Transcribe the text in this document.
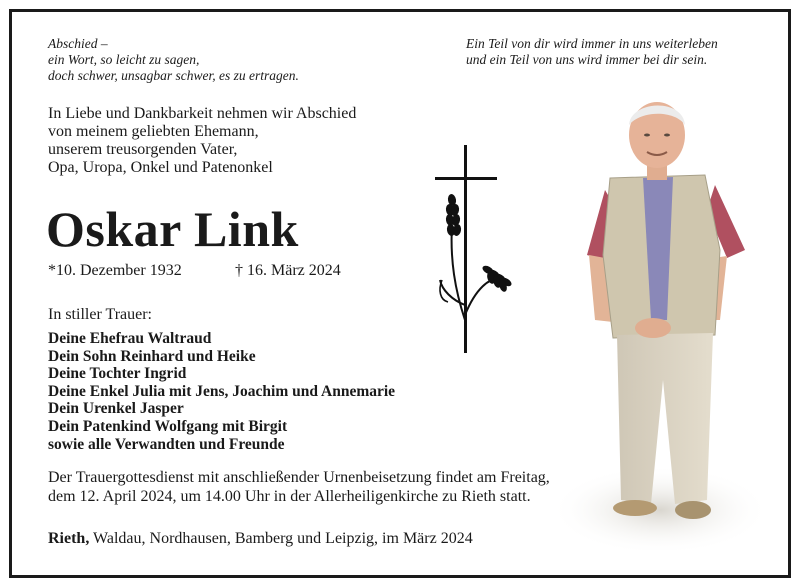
Abschied –
ein Wort, so leicht zu sagen,
doch schwer, unsagbar schwer, es zu ertragen.
Ein Teil von dir wird immer in uns weiterleben
und ein Teil von uns wird immer bei dir sein.
In Liebe und Dankbarkeit nehmen wir Abschied
von meinem geliebten Ehemann,
unserem treusorgenden Vater,
Opa, Uropa, Onkel und Patenonkel
Oskar Link
*10. Dezember 1932	† 16. März 2024
In stiller Trauer:
Deine Ehefrau Waltraud
Dein Sohn Reinhard und Heike
Deine Tochter Ingrid
Deine Enkel Julia mit Jens, Joachim und Annemarie
Dein Urenkel Jasper
Dein Patenkind Wolfgang mit Birgit
sowie alle Verwandten und Freunde
Der Trauergottesdienst mit anschließender Urnenbeisetzung findet am Freitag,
dem 12. April 2024, um 14.00 Uhr in der Allerheiligenkirche zu Rieth statt.
Rieth, Waldau, Nordhausen, Bamberg und Leipzig, im März 2024
